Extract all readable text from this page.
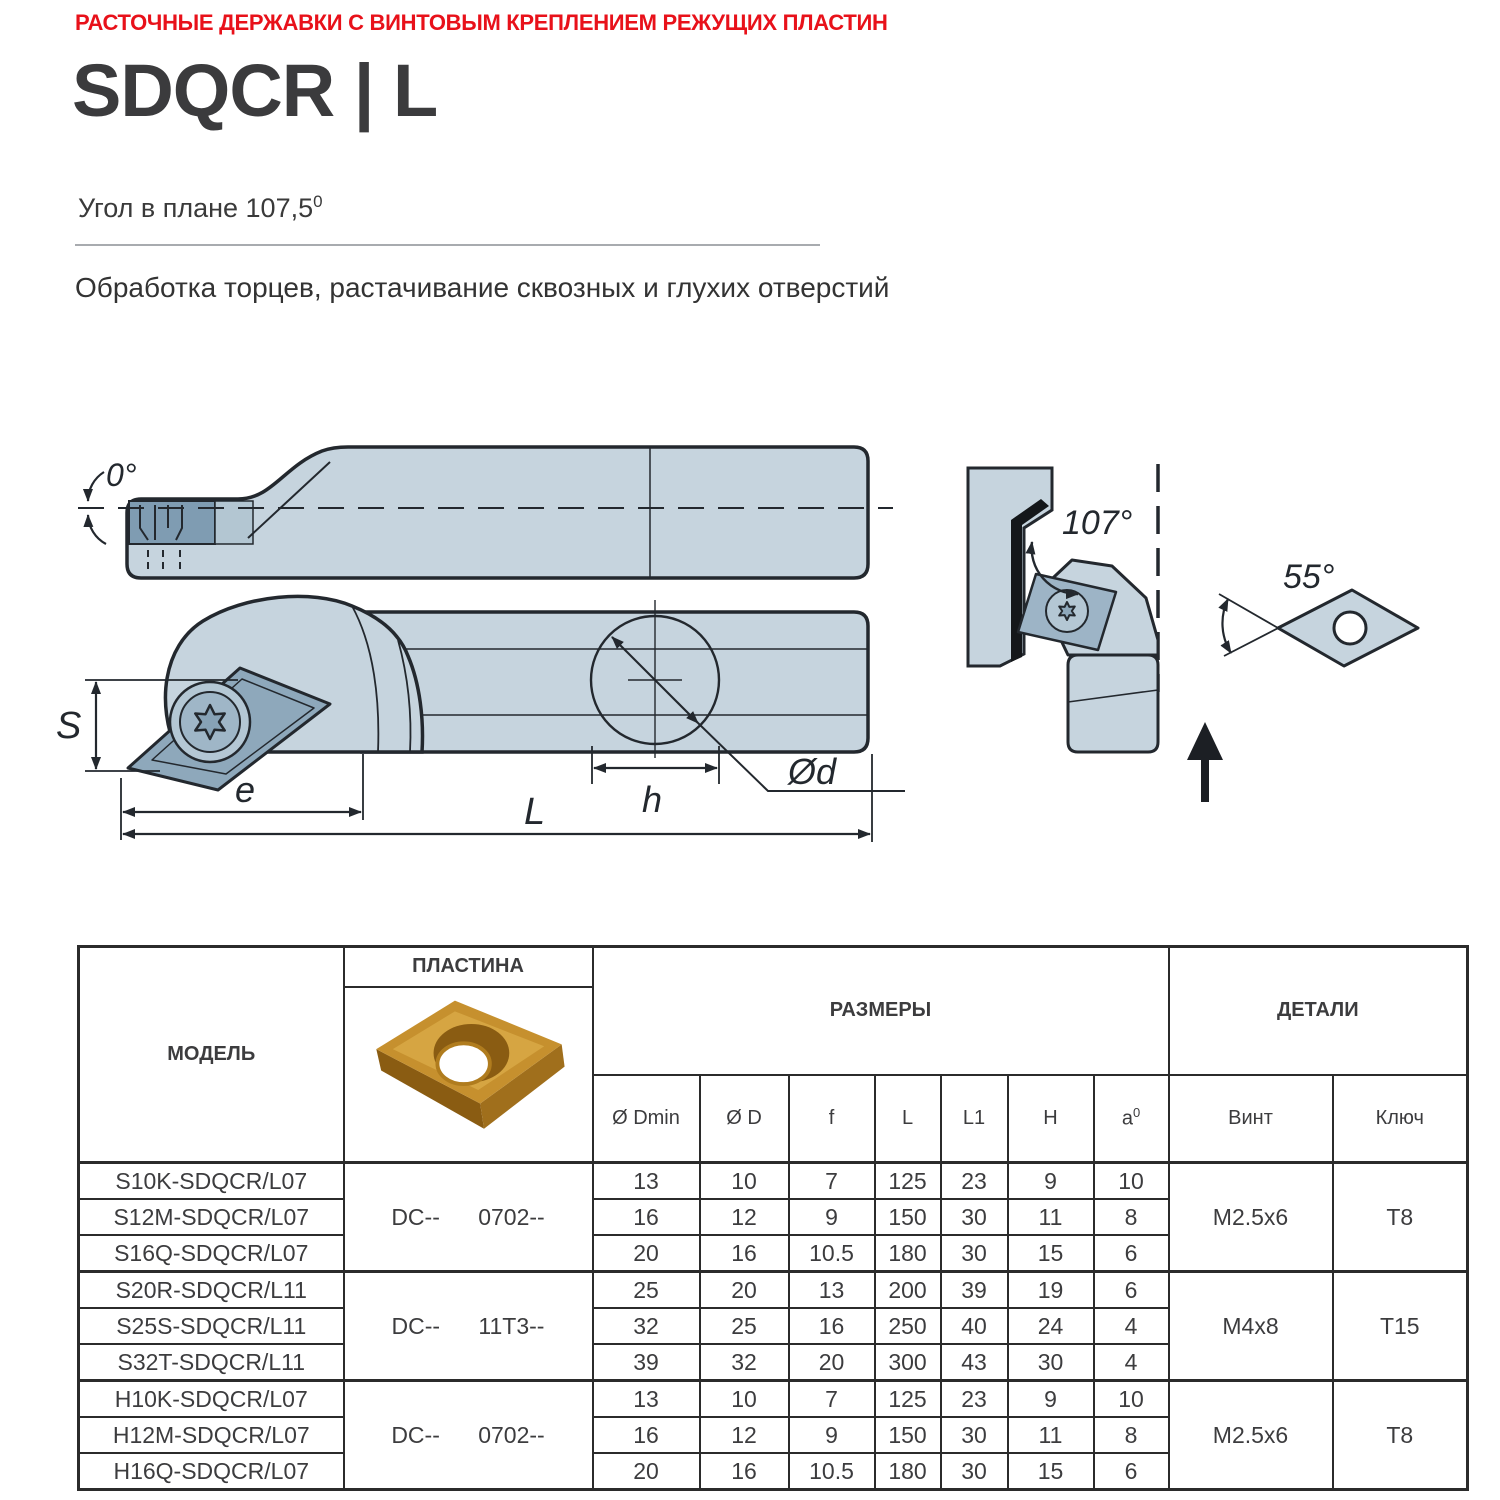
РАСТОЧНЫЕ ДЕРЖАВКИ С ВИНТОВЫМ КРЕПЛЕНИЕМ РЕЖУЩИХ ПЛАСТИН
SDQCR | L
Угол в плане 107,5$^0$
Обработка торцев, растачивание сквозных и глухих отверстий
0°
S
Ød
h
e
L
107°
55°
МОДЕЛЬ	ПЛАСТИНА	РАЗМЕРЫ							ДЕТАЛИ	

		Ø Dmin	Ø D	f	L	L1	H	$a^0$	Винт	Ключ
S10K-SDQCR/L07	DC--      0702--	13	10	7	125	23	9	10	M2.5x6	T8
S12M-SDQCR/L07		16	12	9	150	30	11	8		
S16Q-SDQCR/L07		20	16	10.5	180	30	15	6		
S20R-SDQCR/L11	DC--      11T3--	25	20	13	200	39	19	6	M4x8	T15
S25S-SDQCR/L11		32	25	16	250	40	24	4		
S32T-SDQCR/L11		39	32	20	300	43	30	4		
H10K-SDQCR/L07	DC--      0702--	13	10	7	125	23	9	10	M2.5x6	T8
H12M-SDQCR/L07		16	12	9	150	30	11	8		
H16Q-SDQCR/L07		20	16	10.5	180	30	15	6		
